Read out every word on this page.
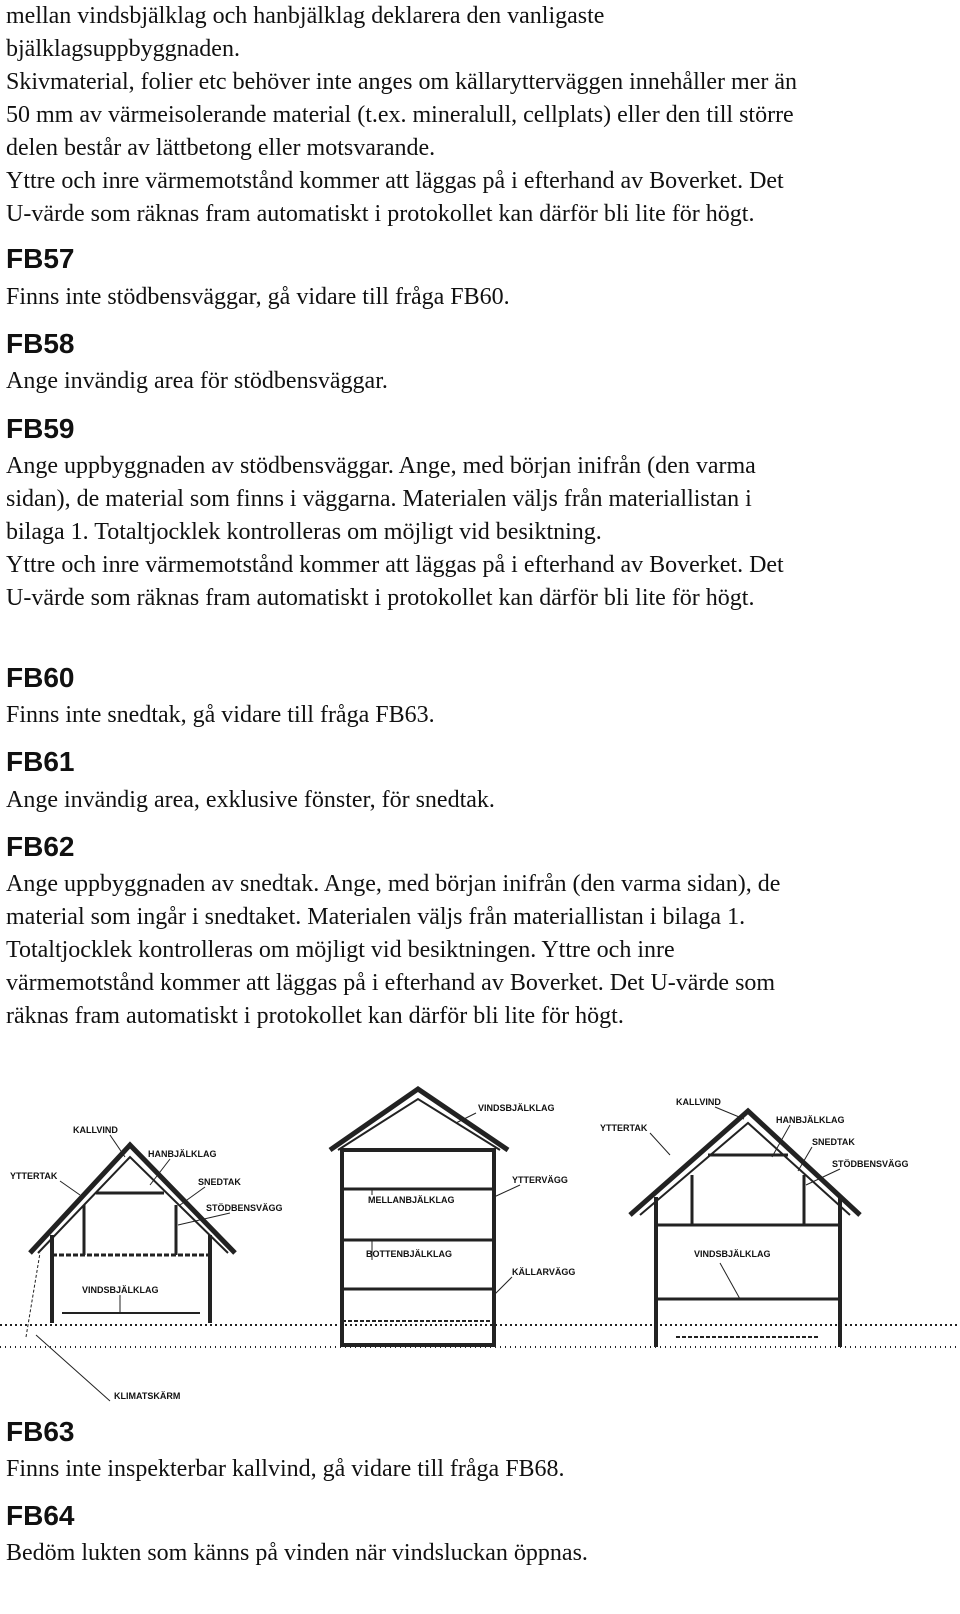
mellan vindsbjälklag och hanbjälklag deklarera den vanligaste
bjälklagsuppbyggnaden.
Skivmaterial, folier etc behöver inte anges om källarytterväggen innehåller mer än
50 mm av värmeisolerande material (t.ex. mineralull, cellplats) eller den till större
delen består av lättbetong eller motsvarande.
Yttre och inre värmemotstånd kommer att läggas på i efterhand av Boverket. Det
U-värde som räknas fram automatiskt i protokollet kan därför bli lite för högt.

FB57

Finns inte stödbensväggar, gå vidare till fråga FB60.

FB58

Ange invändig area för stödbensväggar.

FB59

Ange uppbyggnaden av stödbensväggar. Ange, med början inifrån (den varma
sidan), de material som finns i väggarna. Materialen väljs från materiallistan i
bilaga 1. Totaltjocklek kontrolleras om möjligt vid besiktning.
Yttre och inre värmemotstånd kommer att läggas på i efterhand av Boverket. Det
U-värde som räknas fram automatiskt i protokollet kan därför bli lite för högt.

FB60

Finns inte snedtak, gå vidare till fråga FB63.

FB61

Ange invändig area, exklusive fönster, för snedtak.

FB62

Ange uppbyggnaden av snedtak. Ange, med början inifrån (den varma sidan), de
material som ingår i snedtaket. Materialen väljs från materiallistan i bilaga 1.
Totaltjocklek kontrolleras om möjligt vid besiktningen. Yttre och inre
värmemotstånd kommer att läggas på i efterhand av Boverket. Det U-värde som
räknas fram automatiskt i protokollet kan därför bli lite för högt.

KALLVIND
HANBJÄLKLAG
YTTERTAK
SNEDTAK
STÖDBENSVÄGG
VINDSBJÄLKLAG
KLIMATSKÄRM
VINDSBJÄLKLAG
MELLANBJÄLKLAG
YTTERVÄGG
BOTTENBJÄLKLAG
KÄLLARVÄGG
KALLVIND
YTTERTAK
HANBJÄLKLAG
SNEDTAK
STÖDBENSVÄGG
VINDSBJÄLKLAG
FB63

Finns inte inspekterbar kallvind, gå vidare till fråga FB68.

FB64

Bedöm lukten som känns på vinden när vindsluckan öppnas.
